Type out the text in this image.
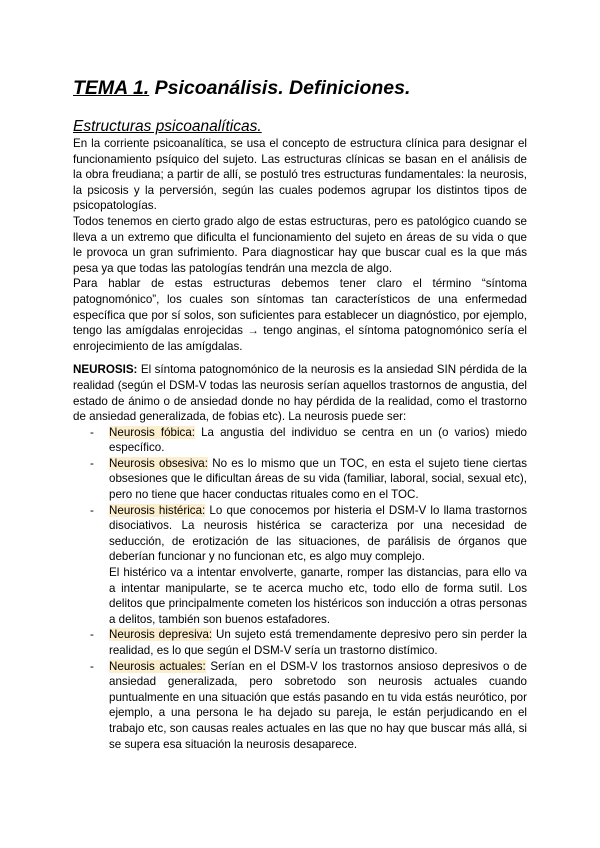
TEMA 1. Psicoanálisis. Definiciones.
Estructuras psicoanalíticas.

En la corriente psicoanalítica, se usa el concepto de estructura clínica para designar el funcionamiento psíquico del sujeto. Las estructuras clínicas se basan en el análisis de la obra freudiana; a partir de allí, se postuló tres estructuras fundamentales: la neurosis, la psicosis y la perversión, según las cuales podemos agrupar los distintos tipos de psicopatologías.

Todos tenemos en cierto grado algo de estas estructuras, pero es patológico cuando se lleva a un extremo que dificulta el funcionamiento del sujeto en áreas de su vida o que le provoca un gran sufrimiento. Para diagnosticar hay que buscar cual es la que más pesa ya que todas las patologías tendrán una mezcla de algo.

Para hablar de estas estructuras debemos tener claro el término “síntoma patognomónico”, los cuales son síntomas tan característicos de una enfermedad específica que por sí solos, son suficientes para establecer un diagnóstico, por ejemplo, tengo las amígdalas enrojecidas → tengo anginas, el síntoma patognomónico sería el enrojecimiento de las amígdalas.

NEUROSIS: El síntoma patognomónico de la neurosis es la ansiedad SIN pérdida de la realidad (según el DSM-V todas las neurosis serían aquellos trastornos de angustia, del estado de ánimo o de ansiedad donde no hay pérdida de la realidad, como el trastorno de ansiedad generalizada, de fobias etc). La neurosis puede ser:

- Neurosis fóbica: La angustia del individuo se centra en un (o varios) miedo específico.
- Neurosis obsesiva: No es lo mismo que un TOC, en esta el sujeto tiene ciertas obsesiones que le dificultan áreas de su vida (familiar, laboral, social, sexual etc), pero no tiene que hacer conductas rituales como en el TOC.
- Neurosis histérica: Lo que conocemos por histeria el DSM-V lo llama trastornos disociativos. La neurosis histérica se caracteriza por una necesidad de seducción, de erotización de las situaciones, de parálisis de órganos que deberían funcionar y no funcionan etc, es algo muy complejo.
El histérico va a intentar envolverte, ganarte, romper las distancias, para ello va a intentar manipularte, se te acerca mucho etc, todo ello de forma sutil. Los delitos que principalmente cometen los histéricos son inducción a otras personas a delitos, también son buenos estafadores.
- Neurosis depresiva: Un sujeto está tremendamente depresivo pero sin perder la realidad, es lo que según el DSM-V sería un trastorno distímico.
- Neurosis actuales: Serían en el DSM-V los trastornos ansioso depresivos o de ansiedad generalizada, pero sobretodo son neurosis actuales cuando puntualmente en una situación que estás pasando en tu vida estás neurótico, por ejemplo, a una persona le ha dejado su pareja, le están perjudicando en el trabajo etc, son causas reales actuales en las que no hay que buscar más allá, si se supera esa situación la neurosis desaparece.
